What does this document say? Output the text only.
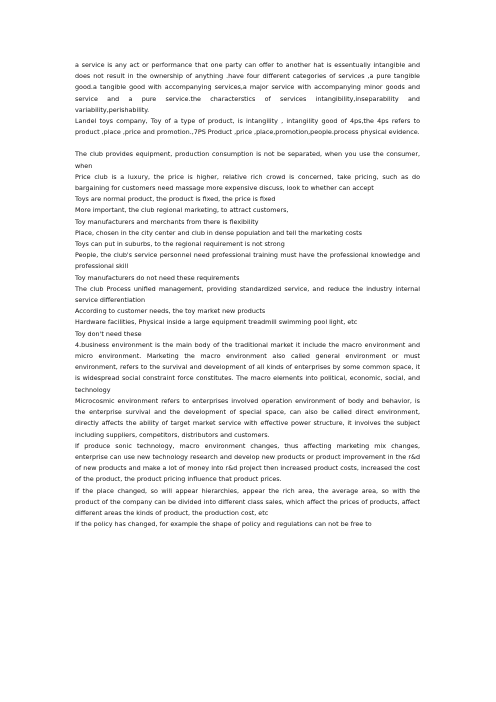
a service is any act or performance that one party can offer to another hat is essentually intangible and does not result in the ownership of anything .have four different categories of services ,a pure tangible good.a tangible good with accompanying services,a major service with accompanying minor goods and service and a pure service.the characterstics of services intangibility,inseparability and variability,perishability.

Landel toys company, Toy of a type of product, is intangility , intangility good of 4ps,the 4ps refers to product ,place ,price and promotion.,7PS Product ,price ,place,promotion,people.process physical evidence.

The club provides equipment, production consumption is not be separated, when you use the consumer, when

Price club is a luxury, the price is higher, relative rich crowd is concerned, take pricing, such as do bargaining for customers need massage more expensive discuss, look to whether can accept

Toys are normal product, the product is fixed, the price is fixed

More important, the club regional marketing, to attract customers,

Toy manufacturers and merchants from there is flexibility

Place, chosen in the city center and club in dense population and tell the marketing costs

Toys can put in suburbs, to the regional requirement is not strong

People, the club's service personnel need professional training must have the professional knowledge and professional skill

Toy manufacturers do not need these requirements

The club Process unified management, providing standardized service, and reduce the industry internal service differentiation

According to customer needs, the toy market new products

Hardware facilities, Physical inside a large equipment treadmill swimming pool light, etc

Toy don't need these

4.business environment is the main body of the traditional market it include the macro environment and micro environment. Marketing the macro environment also called general environment or must environment, refers to the survival and development of all kinds of enterprises by some common space, it is widespread social constraint force constitutes. The macro elements into political, economic, social, and technology

Microcosmic environment refers to enterprises involved operation environment of body and behavior, is the enterprise survival and the development of special space, can also be called direct environment, directly affects the ability of target market service with effective power structure, it involves the subject including suppliers, competitors, distributors and customers.

If produce sonic technology, macro environment changes, thus affecting marketing mix changes, enterprise can use new technology research and develop new products or product improvement in the r&d of new products and make a lot of money into r&d project then increased product costs, increased the cost of the product, the product pricing influence that product prices.

If the place changed, so will appear hierarchies, appear the rich area, the average area, so with the product of the company can be divided into different class sales, which affect the prices of products, affect different areas the kinds of product, the production cost, etc

If the policy has changed, for example the shape of policy and regulations can not be free to
